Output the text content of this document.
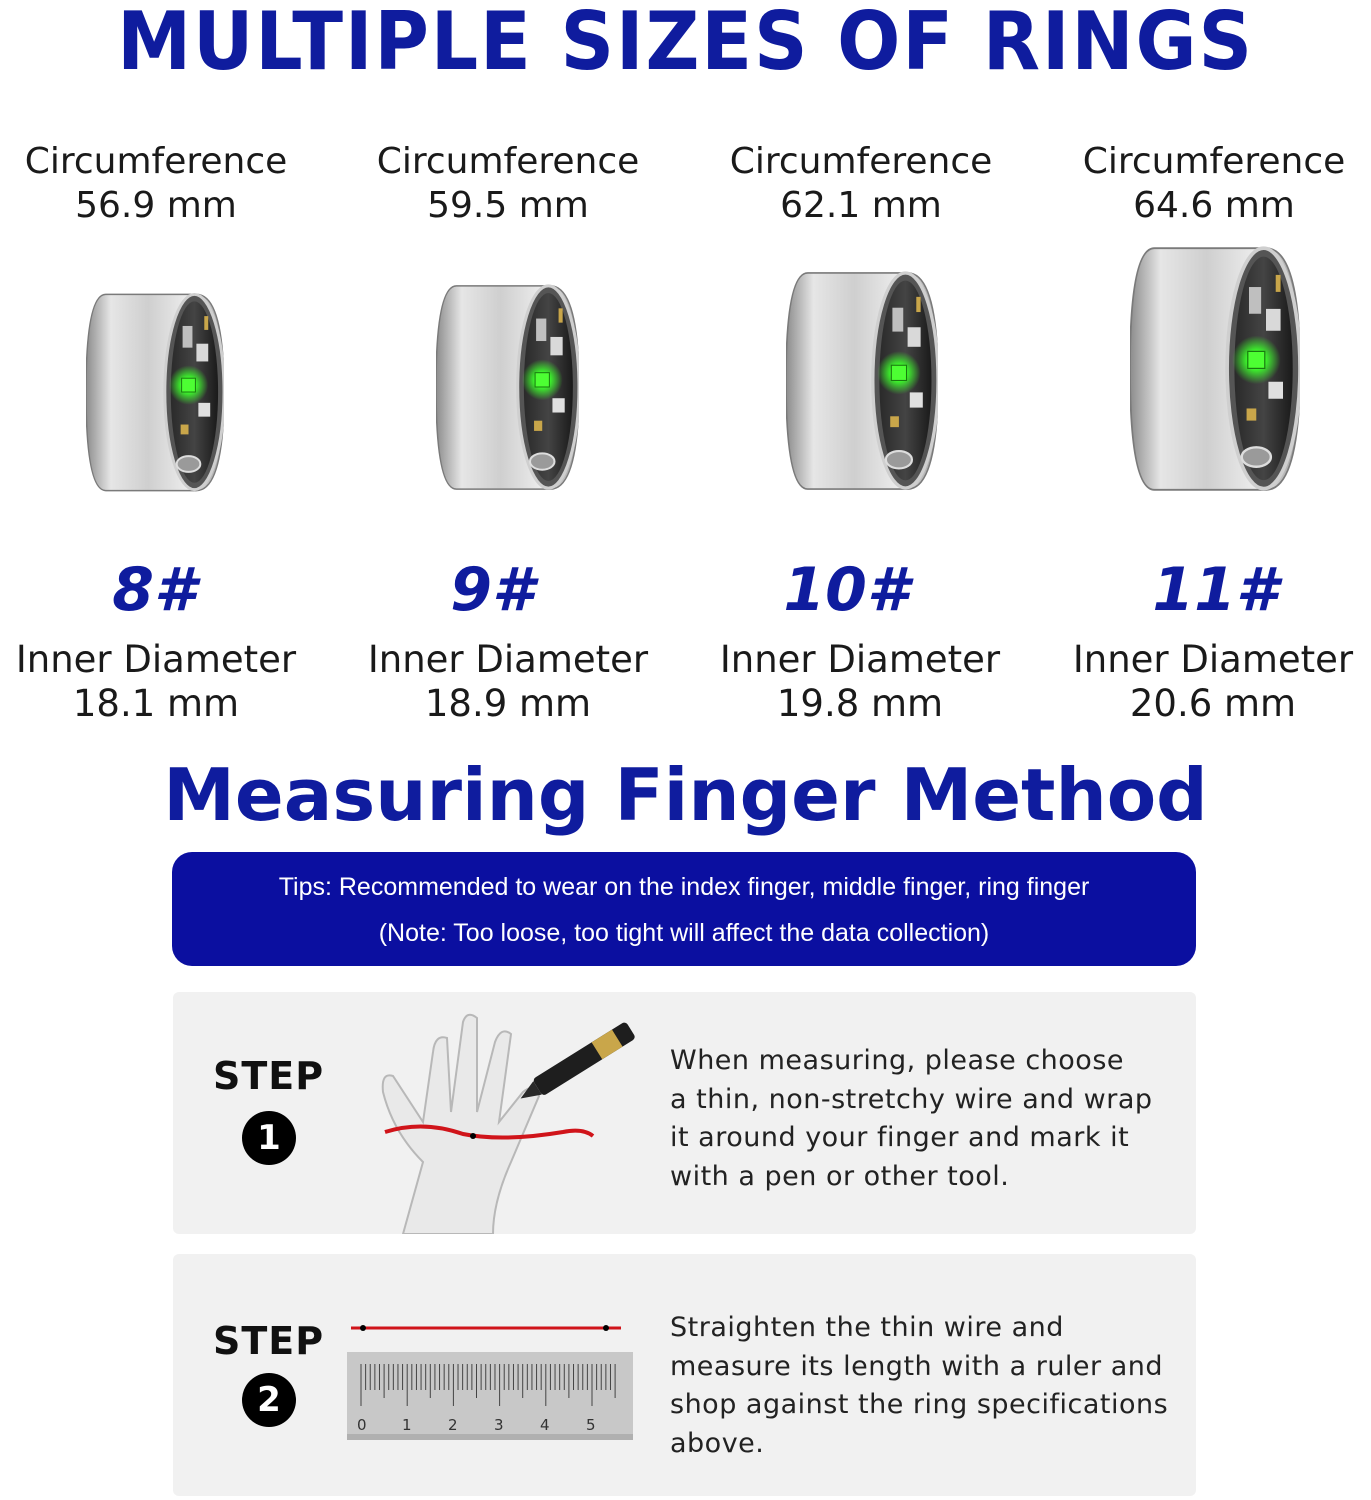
MULTIPLE SIZES OF RINGS
Circumference
56.9 mm
8#
Inner Diameter
18.1 mm
Circumference
59.5 mm
9#
Inner Diameter
18.9 mm
Circumference
62.1 mm
10#
Inner Diameter
19.8 mm
Circumference
64.6 mm
11#
Inner Diameter
20.6 mm
Measuring Finger Method
Tips: Recommended to wear on the index finger, middle finger, ring finger
(Note: Too loose, too tight will affect the data collection)
STEP
1
When measuring, please choose
a thin, non-stretchy wire and wrap
it around your finger and mark it
with a pen or other tool.
STEP
2
0 1 2 3 4 5
Straighten the thin wire and
measure its length with a ruler and
shop against the ring specifications
above.
